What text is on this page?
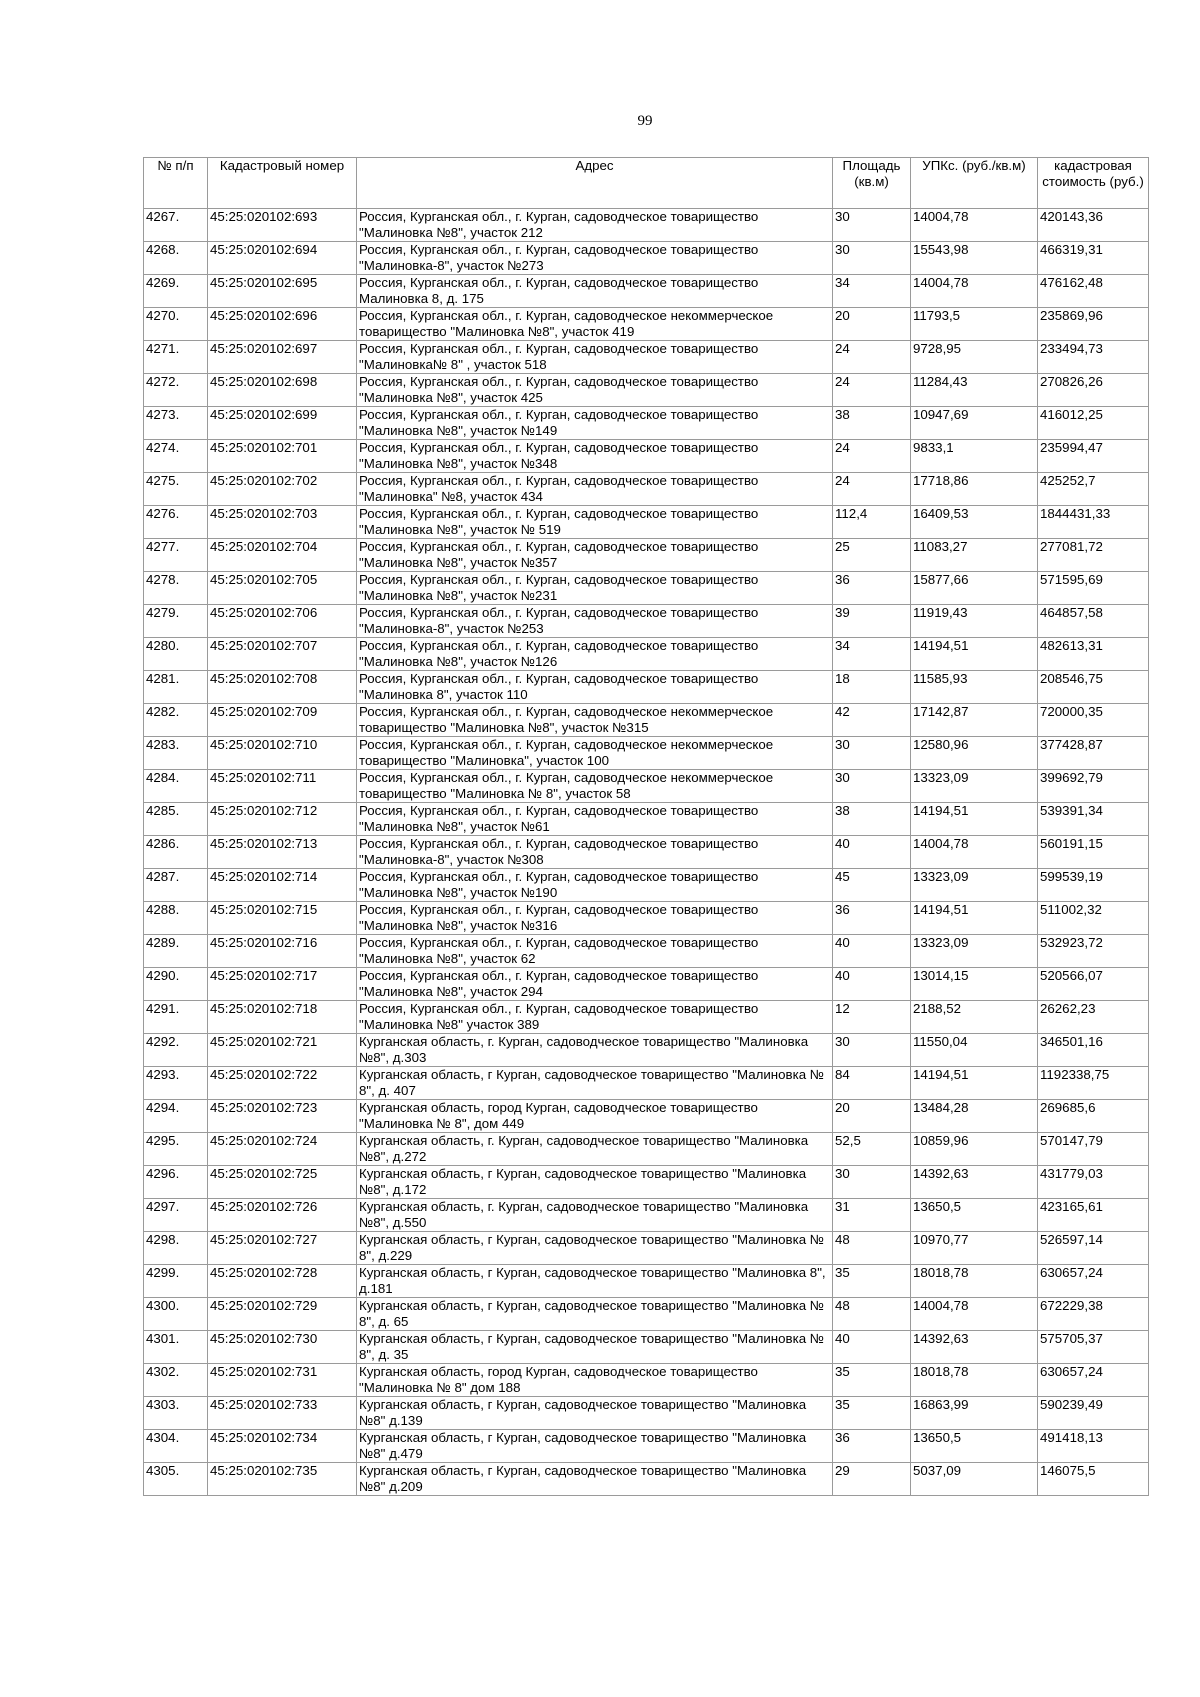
99
№ п/п	Кадастровый номер	Адрес	Площадь (кв.м)	УПКс. (руб./кв.м)	кадастровая стоимость (руб.)
4267.	45:25:020102:693	Россия, Курганская обл., г. Курган, садоводческое товарищество "Малиновка №8", участок 212	30	14004,78	420143,36
4268.	45:25:020102:694	Россия, Курганская обл., г. Курган, садоводческое товарищество "Малиновка-8", участок №273	30	15543,98	466319,31
4269.	45:25:020102:695	Россия, Курганская обл., г. Курган, садоводческое товарищество Малиновка 8, д. 175	34	14004,78	476162,48
4270.	45:25:020102:696	Россия, Курганская обл., г. Курган, садоводческое некоммерческое товарищество "Малиновка №8", участок 419	20	11793,5	235869,96
4271.	45:25:020102:697	Россия, Курганская обл., г. Курган, садоводческое товарищество "Малиновка№ 8" , участок 518	24	9728,95	233494,73
4272.	45:25:020102:698	Россия, Курганская обл., г. Курган, садоводческое товарищество "Малиновка №8", участок 425	24	11284,43	270826,26
4273.	45:25:020102:699	Россия, Курганская обл., г. Курган, садоводческое товарищество "Малиновка №8", участок №149	38	10947,69	416012,25
4274.	45:25:020102:701	Россия, Курганская обл., г. Курган, садоводческое товарищество "Малиновка №8", участок №348	24	9833,1	235994,47
4275.	45:25:020102:702	Россия, Курганская обл., г. Курган, садоводческое товарищество "Малиновка" №8, участок 434	24	17718,86	425252,7
4276.	45:25:020102:703	Россия, Курганская обл., г. Курган, садоводческое товарищество "Малиновка №8", участок № 519	112,4	16409,53	1844431,33
4277.	45:25:020102:704	Россия, Курганская обл., г. Курган, садоводческое товарищество "Малиновка №8", участок №357	25	11083,27	277081,72
4278.	45:25:020102:705	Россия, Курганская обл., г. Курган, садоводческое товарищество "Малиновка №8", участок №231	36	15877,66	571595,69
4279.	45:25:020102:706	Россия, Курганская обл., г. Курган, садоводческое товарищество "Малиновка-8", участок №253	39	11919,43	464857,58
4280.	45:25:020102:707	Россия, Курганская обл., г. Курган, садоводческое товарищество "Малиновка №8", участок №126	34	14194,51	482613,31
4281.	45:25:020102:708	Россия, Курганская обл., г. Курган, садоводческое товарищество "Малиновка 8", участок 110	18	11585,93	208546,75
4282.	45:25:020102:709	Россия, Курганская обл., г. Курган, садоводческое некоммерческое товарищество "Малиновка №8", участок №315	42	17142,87	720000,35
4283.	45:25:020102:710	Россия, Курганская обл., г. Курган, садоводческое некоммерческое товарищество "Малиновка", участок 100	30	12580,96	377428,87
4284.	45:25:020102:711	Россия, Курганская обл., г. Курган, садоводческое некоммерческое товарищество "Малиновка № 8", участок 58	30	13323,09	399692,79
4285.	45:25:020102:712	Россия, Курганская обл., г. Курган, садоводческое товарищество "Малиновка №8", участок №61	38	14194,51	539391,34
4286.	45:25:020102:713	Россия, Курганская обл., г. Курган, садоводческое товарищество "Малиновка-8", участок №308	40	14004,78	560191,15
4287.	45:25:020102:714	Россия, Курганская обл., г. Курган, садоводческое товарищество "Малиновка №8", участок №190	45	13323,09	599539,19
4288.	45:25:020102:715	Россия, Курганская обл., г. Курган, садоводческое товарищество "Малиновка №8", участок №316	36	14194,51	511002,32
4289.	45:25:020102:716	Россия, Курганская обл., г. Курган, садоводческое товарищество "Малиновка №8", участок 62	40	13323,09	532923,72
4290.	45:25:020102:717	Россия, Курганская обл., г. Курган, садоводческое товарищество "Малиновка №8", участок 294	40	13014,15	520566,07
4291.	45:25:020102:718	Россия, Курганская обл., г. Курган, садоводческое товарищество "Малиновка №8" участок 389	12	2188,52	26262,23
4292.	45:25:020102:721	Курганская область, г. Курган, садоводческое товарищество "Малиновка №8", д.303	30	11550,04	346501,16
4293.	45:25:020102:722	Курганская область, г Курган, садоводческое товарищество "Малиновка № 8", д. 407	84	14194,51	1192338,75
4294.	45:25:020102:723	Курганская область, город Курган, садоводческое товарищество "Малиновка № 8", дом 449	20	13484,28	269685,6
4295.	45:25:020102:724	Курганская область, г. Курган, садоводческое товарищество "Малиновка №8", д.272	52,5	10859,96	570147,79
4296.	45:25:020102:725	Курганская область, г Курган, садоводческое товарищество "Малиновка №8", д.172	30	14392,63	431779,03
4297.	45:25:020102:726	Курганская область, г. Курган, садоводческое товарищество "Малиновка №8", д.550	31	13650,5	423165,61
4298.	45:25:020102:727	Курганская область, г Курган, садоводческое товарищество "Малиновка № 8", д.229	48	10970,77	526597,14
4299.	45:25:020102:728	Курганская область, г Курган, садоводческое товарищество "Малиновка 8", д.181	35	18018,78	630657,24
4300.	45:25:020102:729	Курганская область, г Курган, садоводческое товарищество "Малиновка № 8", д. 65	48	14004,78	672229,38
4301.	45:25:020102:730	Курганская область, г Курган, садоводческое товарищество "Малиновка № 8", д. 35	40	14392,63	575705,37
4302.	45:25:020102:731	Курганская область, город Курган, садоводческое товарищество "Малиновка № 8" дом 188	35	18018,78	630657,24
4303.	45:25:020102:733	Курганская область, г Курган, садоводческое товарищество "Малиновка №8" д.139	35	16863,99	590239,49
4304.	45:25:020102:734	Курганская область, г Курган, садоводческое товарищество "Малиновка №8" д.479	36	13650,5	491418,13
4305.	45:25:020102:735	Курганская область, г Курган, садоводческое товарищество "Малиновка №8" д.209	29	5037,09	146075,5
